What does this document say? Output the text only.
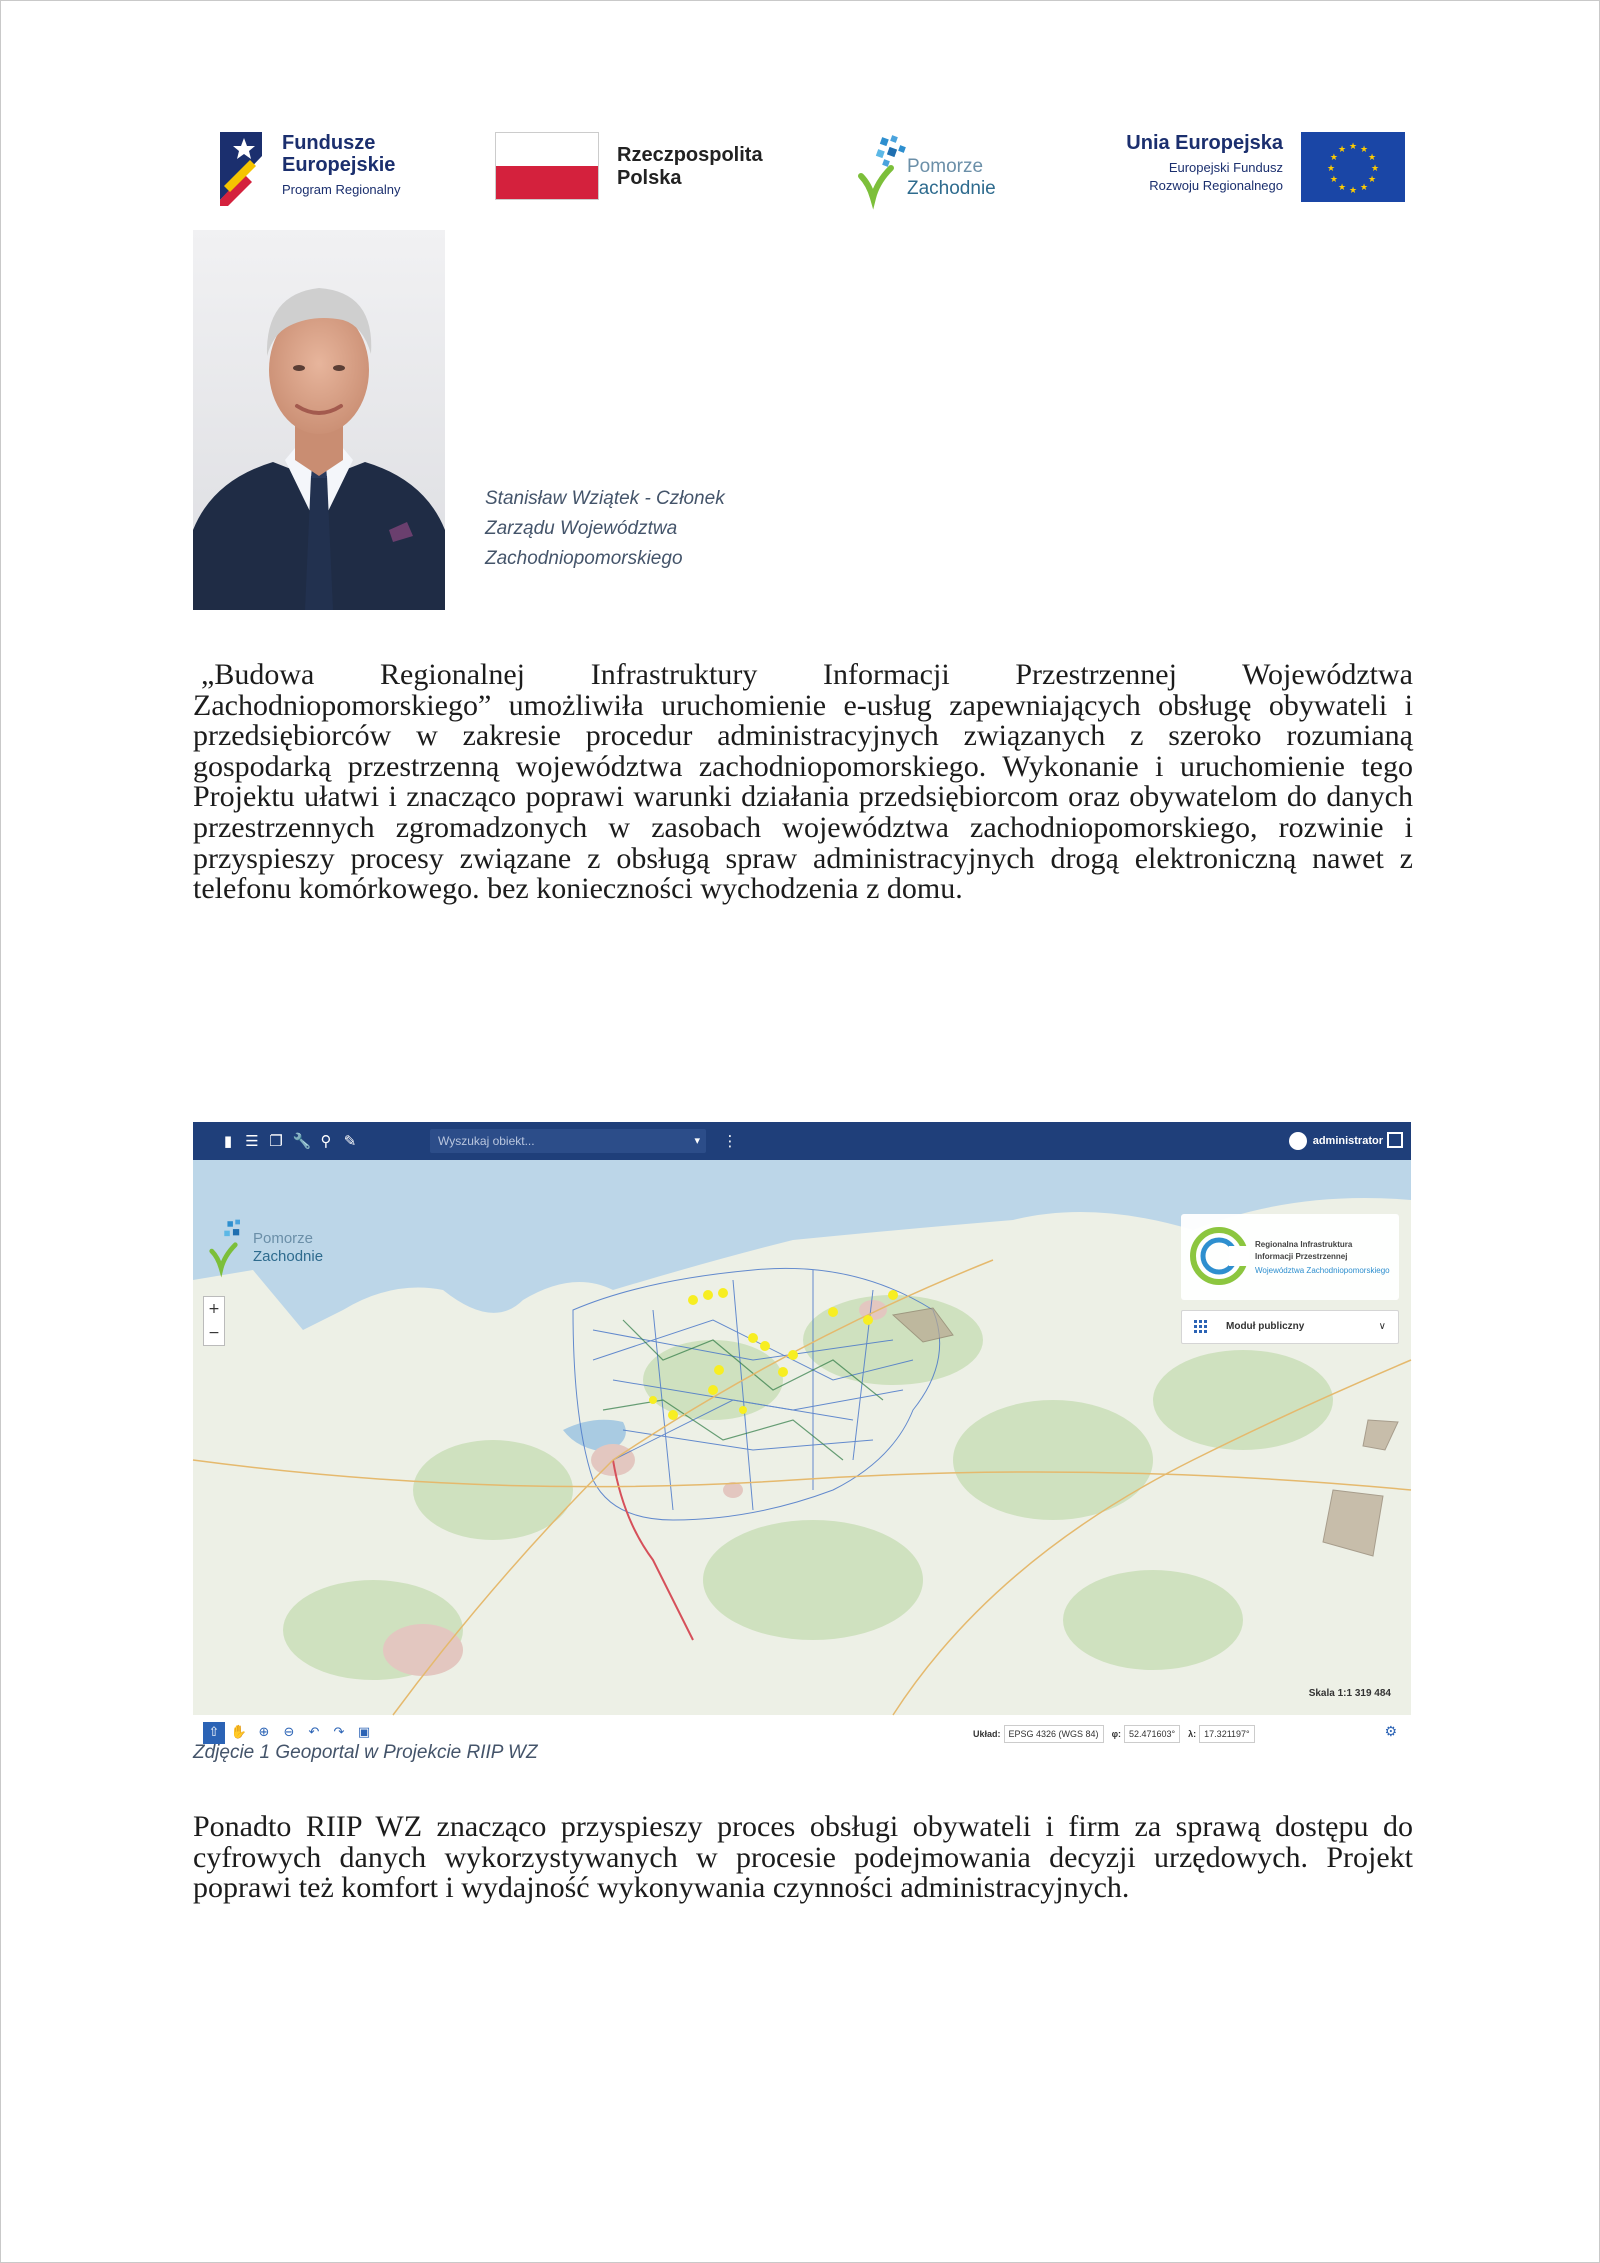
Fundusze
Europejskie
Program Regionalny
Rzeczpospolita
Polska
Pomorze
Zachodnie
Unia Europejska
Europejski Fundusz
Rozwoju Regionalnego
★ ★
★
★
★
★
★
★
★
★
★
★
Stanisław Wziątek - Członek
Zarządu Województwa
Zachodniopomorskiego

„Budowa Regionalnej Infrastruktury Informacji Przestrzennej Województwa Zachodniopomorskiego” umożliwiła uruchomienie e-usług zapewniających obsługę obywateli i przedsiębiorców w zakresie procedur administracyjnych związanych z szeroko rozumianą gospodarką przestrzenną województwa zachodniopomorskiego. Wykonanie i uruchomienie tego Projektu ułatwi i znacząco poprawi warunki działania przedsiębiorcom oraz obywatelom do danych przestrzennych zgromadzonych w zasobach województwa zachodniopomorskiego, rozwinie i przyspieszy procesy związane z obsługą spraw administracyjnych drogą elektroniczną nawet z telefonu komórkowego. bez konieczności wychodzenia z domu.

▮ ☰ ❐ 🔧 ⚲ ✎
Wyszukaj obiekt...	▾ ⋮	administrator
Pomorze
Zachodnie
Regionalna Infrastruktura
Informacji Przestrzennej
Województwa Zachodniopomorskiego
Moduł publiczny	∨
+
−
Skala 1:1 319 484
⇧ ✋ ⊕ ⊖ ↶ ↷ ▣	Układ: EPSG 4326 (WGS 84) φ: 52.471603° λ: 17.321197°	⚙
Zdjęcie 1 Geoportal w Projekcie RIIP WZ

Ponadto RIIP WZ znacząco przyspieszy proces obsługi obywateli i firm za sprawą dostępu do cyfrowych danych wykorzystywanych w procesie podejmowania decyzji urzędowych. Projekt poprawi też komfort i wydajność wykonywania czynności administracyjnych.
